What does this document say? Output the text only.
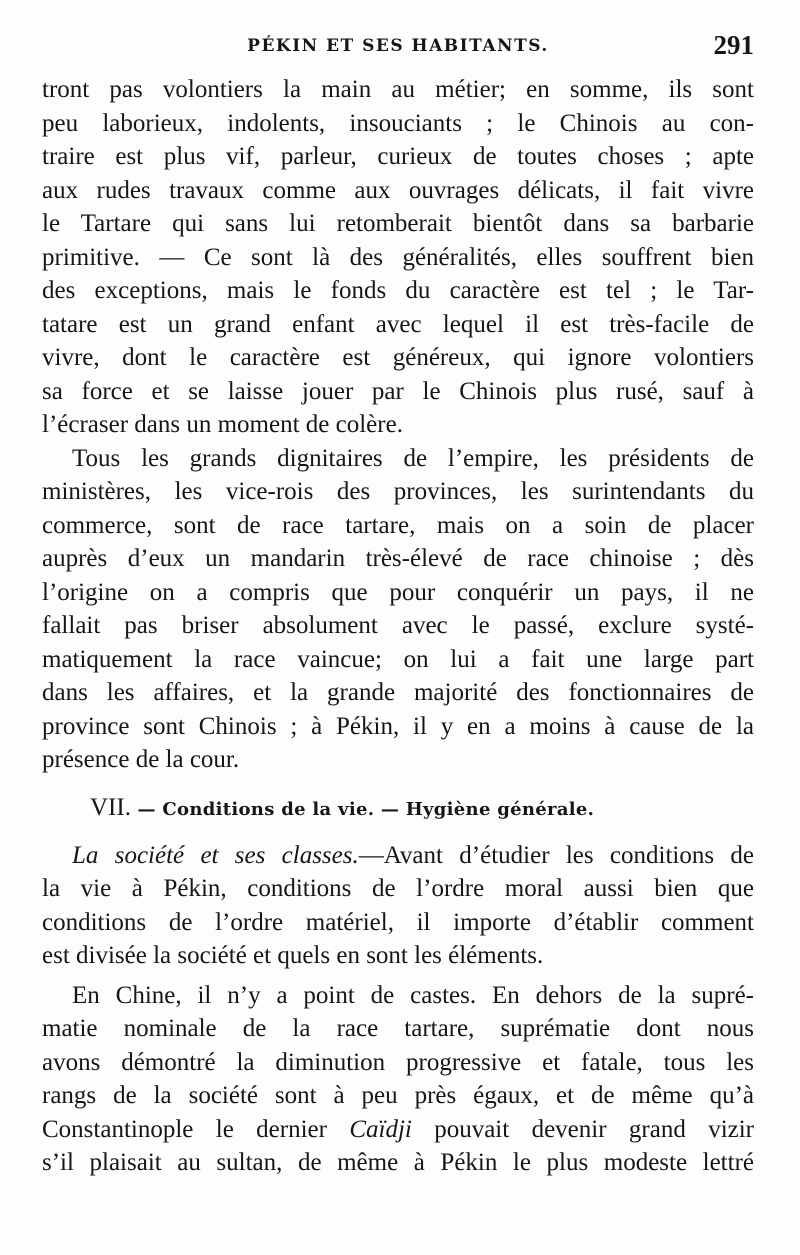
PÉKIN ET SES HABITANTS.	291
tront pas volontiers la main au métier; en somme, ils sont
peu laborieux, indolents, insouciants ; le Chinois au con-
traire est plus vif, parleur, curieux de toutes choses ; apte
aux rudes travaux comme aux ouvrages délicats, il fait vivre
le Tartare qui sans lui retomberait bientôt dans sa barbarie
primitive. — Ce sont là des généralités, elles souffrent bien
des exceptions, mais le fonds du caractère est tel ; le Tar-
tatare est un grand enfant avec lequel il est très-facile de
vivre, dont le caractère est généreux, qui ignore volontiers
sa force et se laisse jouer par le Chinois plus rusé, sauf à
l’écraser dans un moment de colère.
Tous les grands dignitaires de l’empire, les présidents de
ministères, les vice-rois des provinces, les surintendants du
commerce, sont de race tartare, mais on a soin de placer
auprès d’eux un mandarin très-élevé de race chinoise ; dès
l’origine on a compris que pour conquérir un pays, il ne
fallait pas briser absolument avec le passé, exclure systé-
matiquement la race vaincue; on lui a fait une large part
dans les affaires, et la grande majorité des fonctionnaires de
province sont Chinois ; à Pékin, il y en a moins à cause de la
présence de la cour.
VII. — Conditions de la vie. — Hygiène générale.
La société et ses classes.—Avant d’étudier les conditions de
la vie à Pékin, conditions de l’ordre moral aussi bien que
conditions de l’ordre matériel, il importe d’établir comment
est divisée la société et quels en sont les éléments.
En Chine, il n’y a point de castes. En dehors de la supré-
matie nominale de la race tartare, suprématie dont nous
avons démontré la diminution progressive et fatale, tous les
rangs de la société sont à peu près égaux, et de même qu’à
Constantinople le dernier Caïdji pouvait devenir grand vizir
s’il plaisait au sultan, de même à Pékin le plus modeste lettré
